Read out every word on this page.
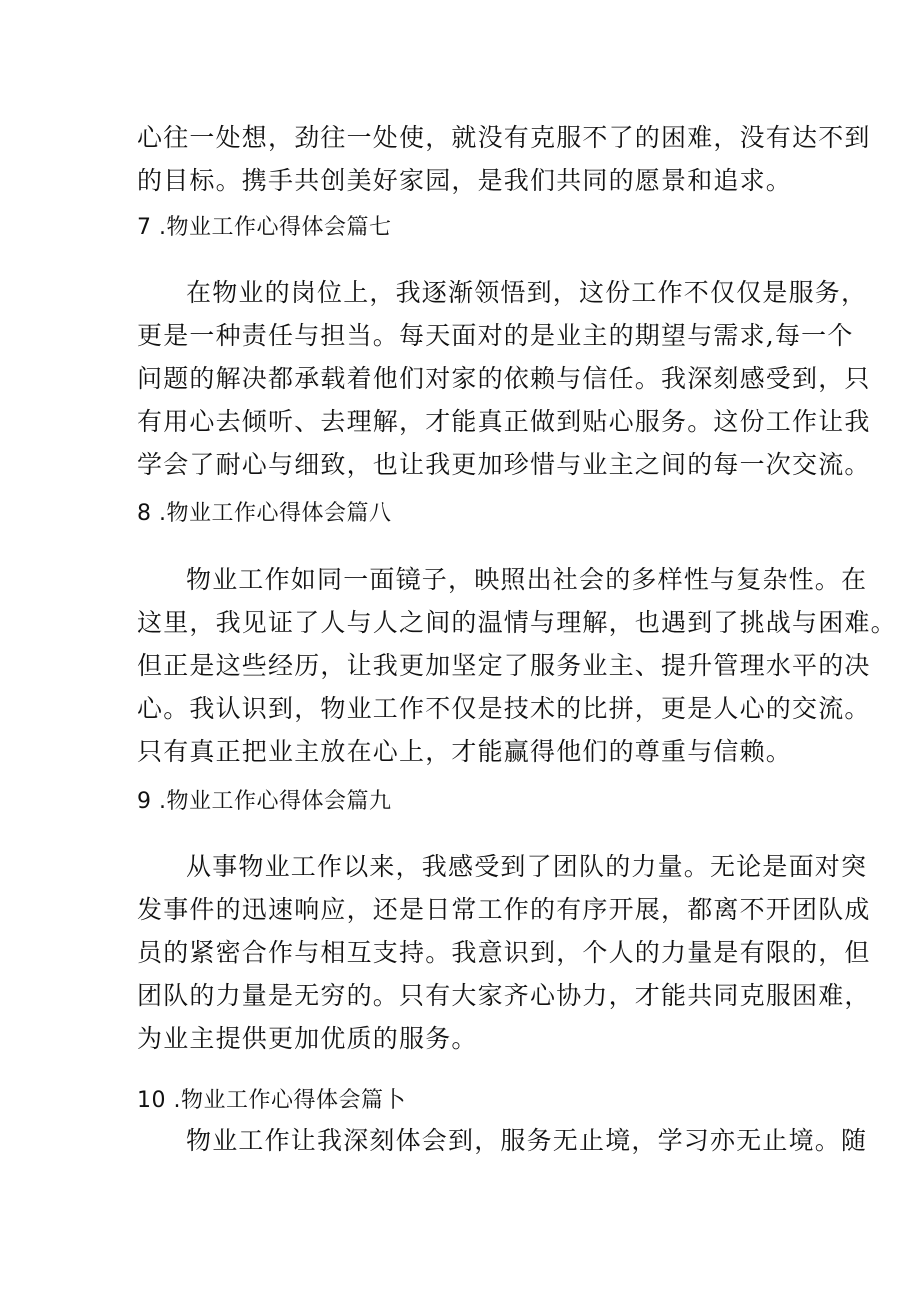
心往一处想，劲往一处使，就没有克服不了的困难，没有达不到
的目标。携手共创美好家园，是我们共同的愿景和追求。
7 .物业工作心得体会篇七
在物业的岗位上，我逐渐领悟到，这份工作不仅仅是服务，
更是一种责任与担当。每天面对的是业主的期望与需求,每一个
问题的解决都承载着他们对家的依赖与信任。我深刻感受到，只
有用心去倾听、去理解，才能真正做到贴心服务。这份工作让我
学会了耐心与细致，也让我更加珍惜与业主之间的每一次交流。
8 .物业工作心得体会篇八
物业工作如同一面镜子，映照出社会的多样性与复杂性。在
这里，我见证了人与人之间的温情与理解，也遇到了挑战与困难。
但正是这些经历，让我更加坚定了服务业主、提升管理水平的决
心。我认识到，物业工作不仅是技术的比拼，更是人心的交流。
只有真正把业主放在心上，才能赢得他们的尊重与信赖。
9 .物业工作心得体会篇九
从事物业工作以来，我感受到了团队的力量。无论是面对突
发事件的迅速响应，还是日常工作的有序开展，都离不开团队成
员的紧密合作与相互支持。我意识到，个人的力量是有限的，但
团队的力量是无穷的。只有大家齐心协力，才能共同克服困难，
为业主提供更加优质的服务。
10 .物业工作心得体会篇卜
物业工作让我深刻体会到，服务无止境，学习亦无止境。随
